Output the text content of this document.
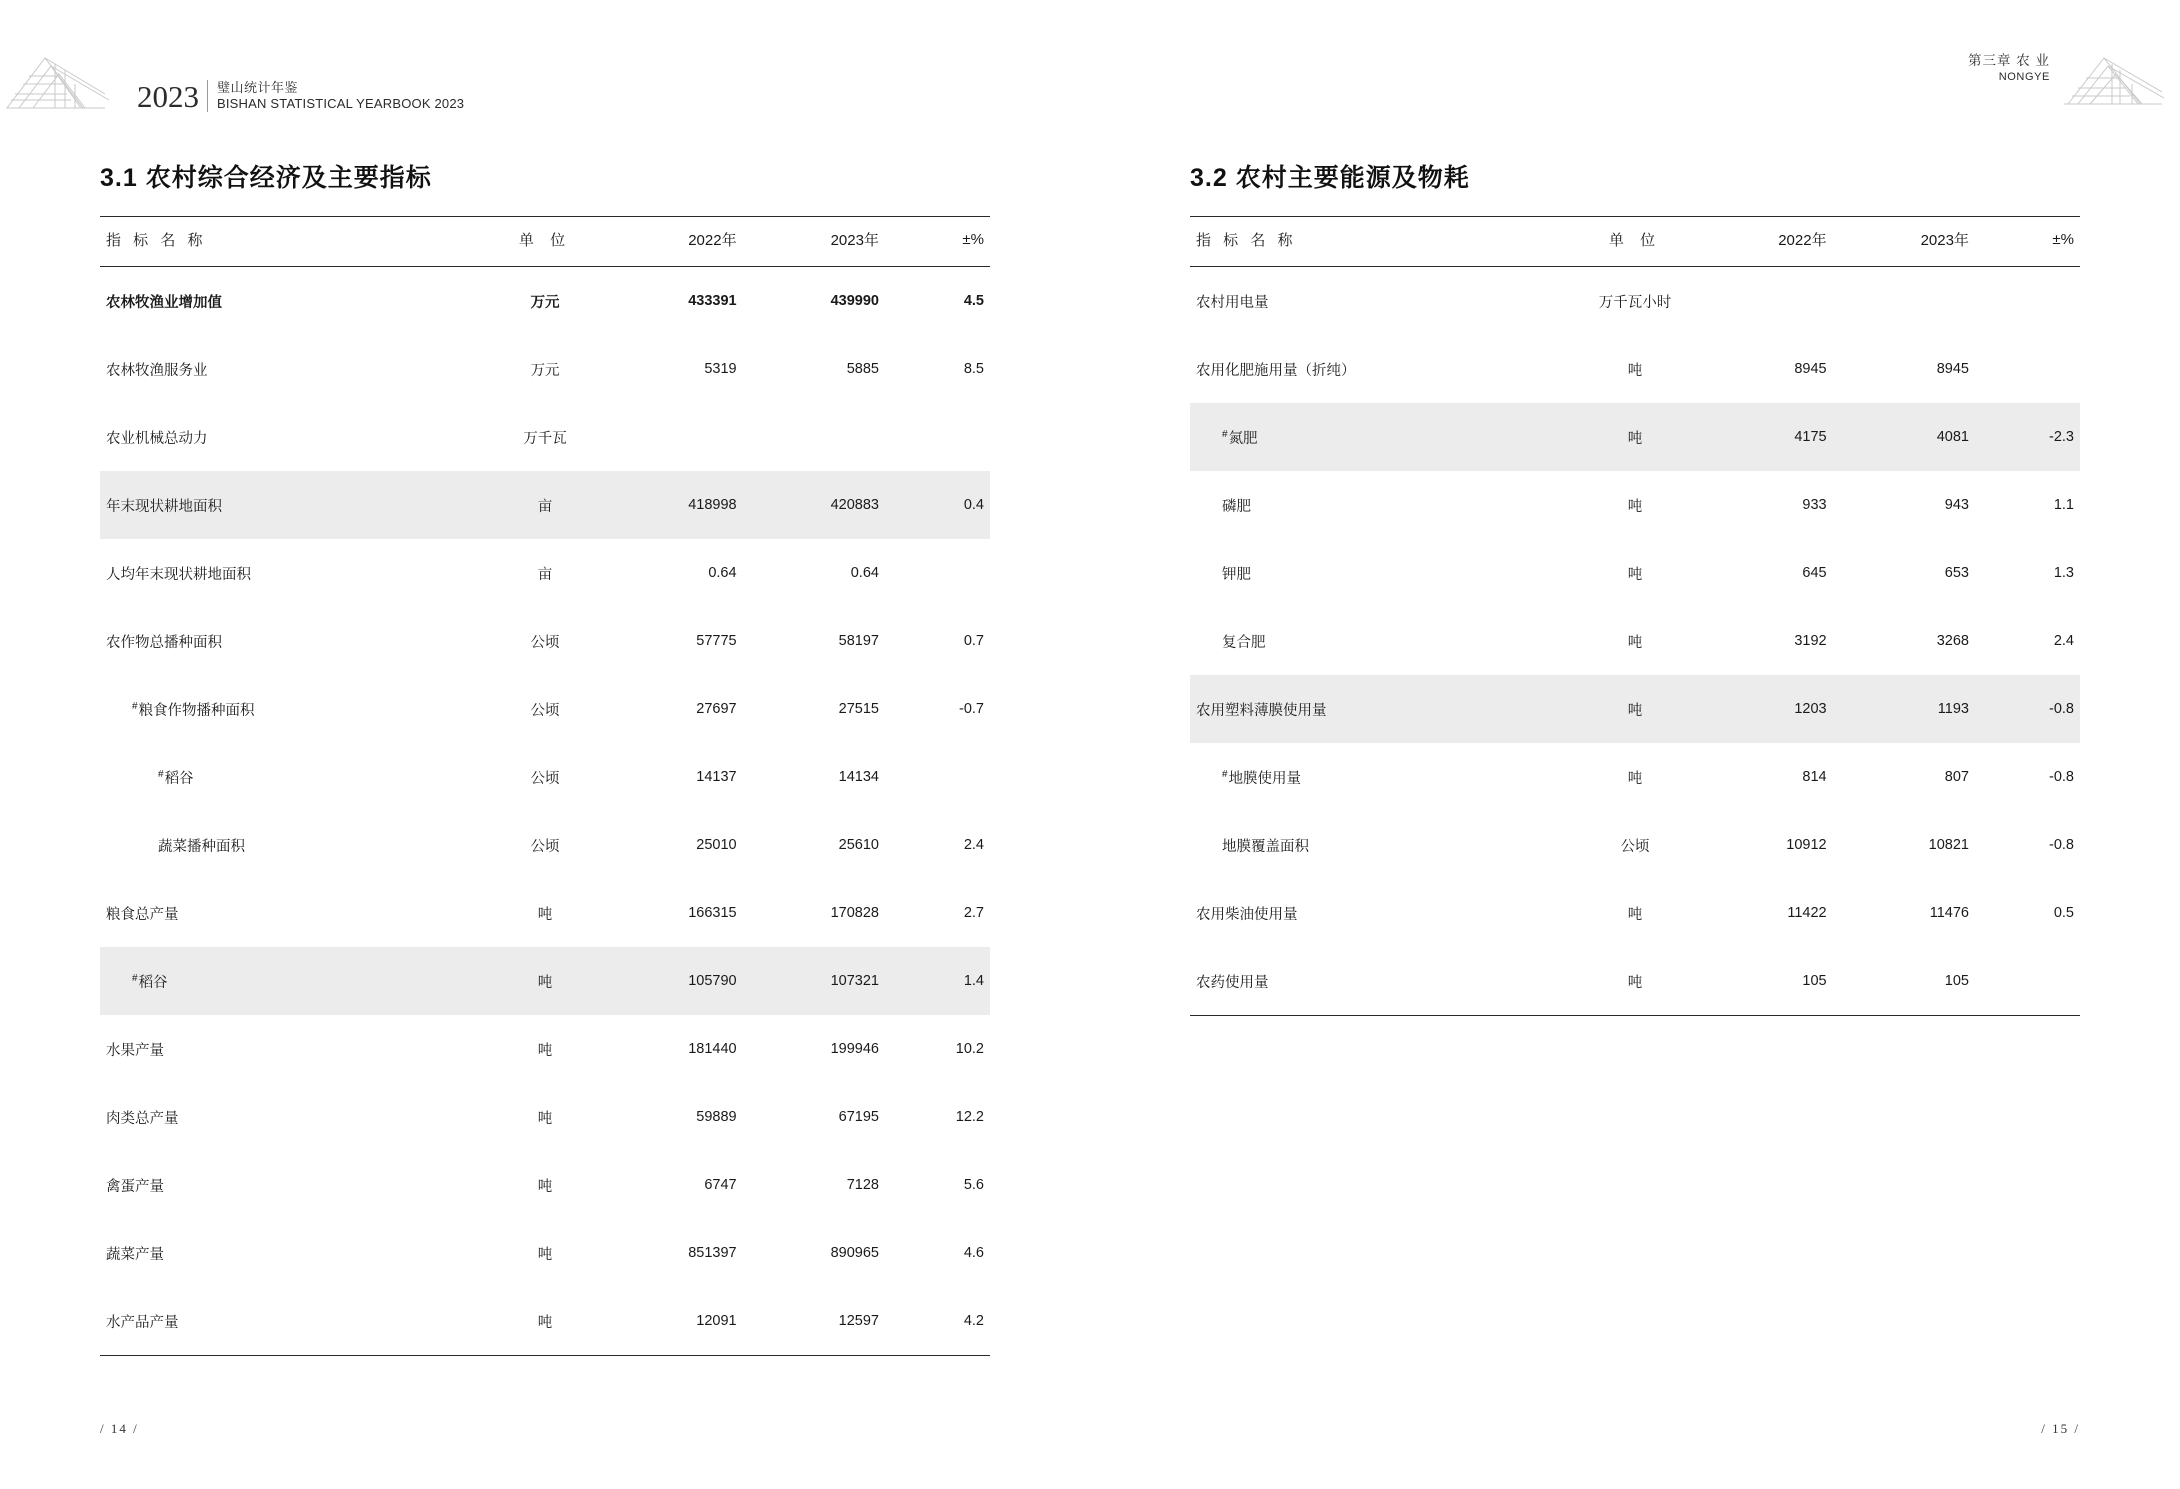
2023	璧山统计年鉴
BISHAN STATISTICAL YEARBOOK 2023
3.1 农村综合经济及主要指标
指 标 名 称	单 位	2022年	2023年	±%
农林牧渔业增加值	万元	433391	439990	4.5
农林牧渔服务业	万元	5319	5885	8.5
农业机械总动力	万千瓦			
年末现状耕地面积	亩	418998	420883	0.4
人均年末现状耕地面积	亩	0.64	0.64	
农作物总播种面积	公顷	57775	58197	0.7
#粮食作物播种面积	公顷	27697	27515	-0.7
#稻谷	公顷	14137	14134	
蔬菜播种面积	公顷	25010	25610	2.4
粮食总产量	吨	166315	170828	2.7
#稻谷	吨	105790	107321	1.4
水果产量	吨	181440	199946	10.2
肉类总产量	吨	59889	67195	12.2
禽蛋产量	吨	6747	7128	5.6
蔬菜产量	吨	851397	890965	4.6
水产品产量	吨	12091	12597	4.2
/ 14 /
第三章 农 业
NONGYE
3.2 农村主要能源及物耗
指 标 名 称	单 位	2022年	2023年	±%
农村用电量	万千瓦小时			
农用化肥施用量（折纯）	吨	8945	8945	
#氮肥	吨	4175	4081	-2.3
磷肥	吨	933	943	1.1
钾肥	吨	645	653	1.3
复合肥	吨	3192	3268	2.4
农用塑料薄膜使用量	吨	1203	1193	-0.8
#地膜使用量	吨	814	807	-0.8
地膜覆盖面积	公顷	10912	10821	-0.8
农用柴油使用量	吨	11422	11476	0.5
农药使用量	吨	105	105	
/ 15 /
